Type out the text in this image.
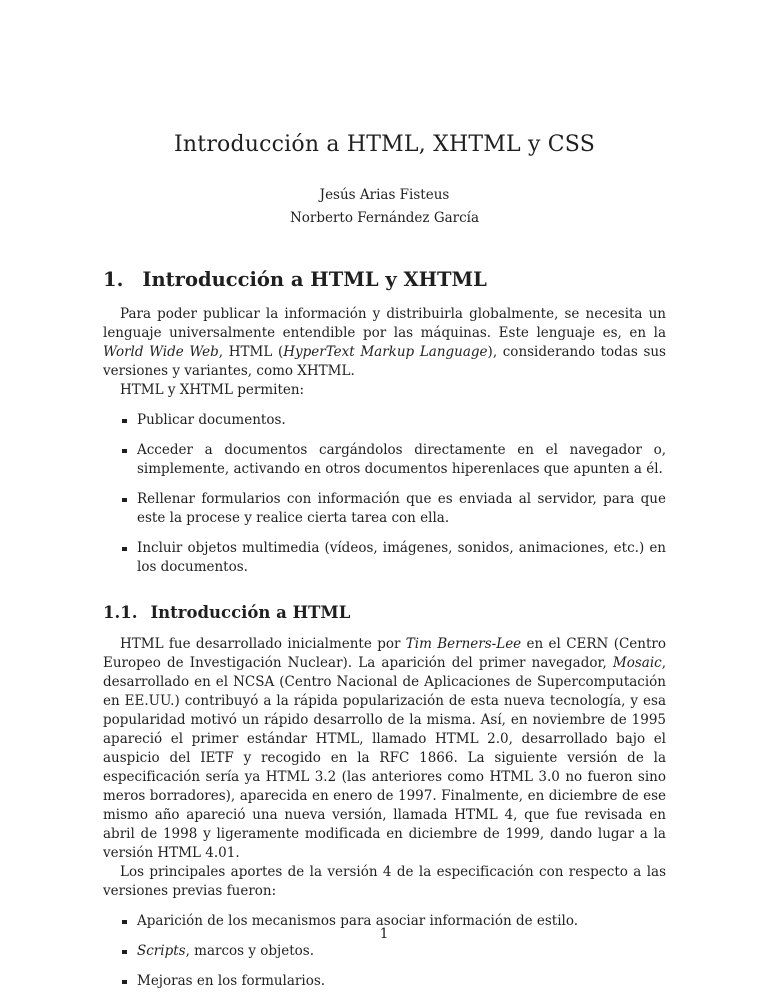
Introducción a HTML, XHTML y CSS
Jesús Arias Fisteus
Norberto Fernández García
1. Introducción a HTML y XHTML

Para poder publicar la información y distribuirla globalmente, se necesita un lenguaje universalmente entendible por las máquinas. Este lenguaje es, en la World Wide Web, HTML (HyperText Markup Language), considerando todas sus versiones y variantes, como XHTML.

HTML y XHTML permiten:

Publicar documentos.
Acceder a documentos cargándolos directamente en el navegador o, simplemente, activando en otros documentos hiperenlaces que apunten a él.
Rellenar formularios con información que es enviada al servidor, para que este la procese y realice cierta tarea con ella.
Incluir objetos multimedia (vídeos, imágenes, sonidos, animaciones, etc.) en los documentos.
1.1. Introducción a HTML

HTML fue desarrollado inicialmente por Tim Berners-Lee en el CERN (Centro Europeo de Investigación Nuclear). La aparición del primer navegador, Mosaic, desarrollado en el NCSA (Centro Nacional de Aplicaciones de Supercomputación en EE.UU.) contribuyó a la rápida popularización de esta nueva tecnología, y esa popularidad motivó un rápido desarrollo de la misma. Así, en noviembre de 1995 apareció el primer estándar HTML, llamado HTML 2.0, desarrollado bajo el auspicio del IETF y recogido en la RFC 1866. La siguiente versión de la especificación sería ya HTML 3.2 (las anteriores como HTML 3.0 no fueron sino meros borradores), aparecida en enero de 1997. Finalmente, en diciembre de ese mismo año apareció una nueva versión, llamada HTML 4, que fue revisada en abril de 1998 y ligeramente modificada en diciembre de 1999, dando lugar a la versión HTML 4.01.

Los principales aportes de la versión 4 de la especificación con respecto a las versiones previas fueron:

Aparición de los mecanismos para asociar información de estilo.
Scripts, marcos y objetos.
Mejoras en los formularios.
1
